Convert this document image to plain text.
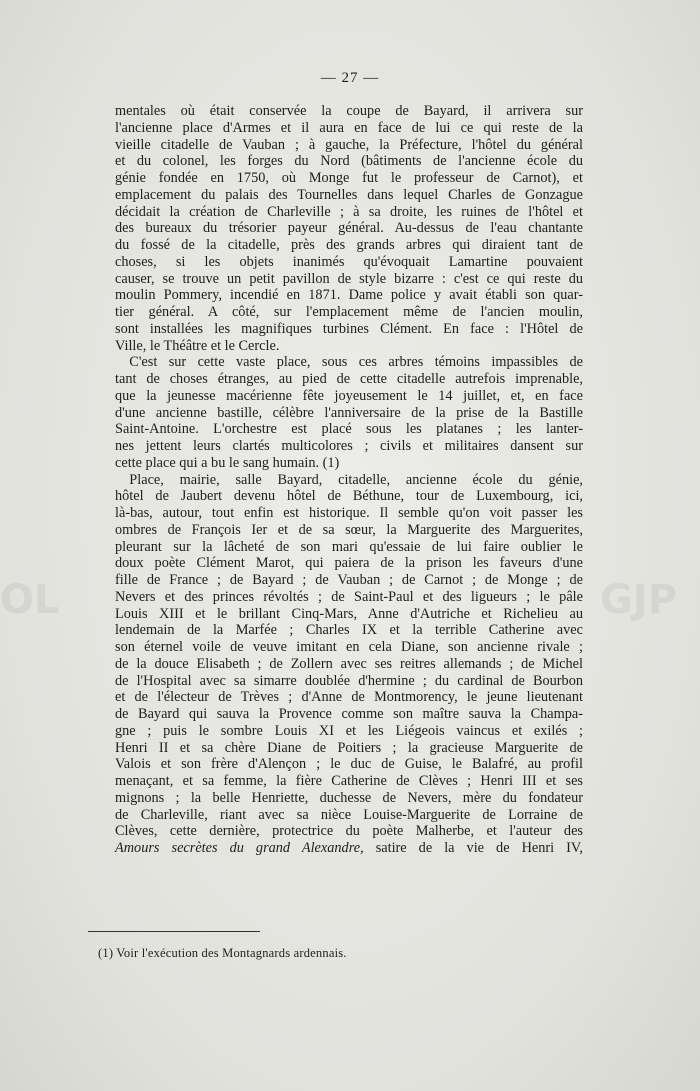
— 27 —
OL	GJP
mentales où était conservée la coupe de Bayard, il arrivera sur
l'ancienne place d'Armes et il aura en face de lui ce qui reste de la
vieille citadelle de Vauban ; à gauche, la Préfecture, l'hôtel du général
et du colonel, les forges du Nord (bâtiments de l'ancienne école du
génie fondée en 1750, où Monge fut le professeur de Carnot), et
emplacement du palais des Tournelles dans lequel Charles de Gonzague
décidait la création de Charleville ; à sa droite, les ruines de l'hôtel et
des bureaux du trésorier payeur général. Au-dessus de l'eau chantante
du fossé de la citadelle, près des grands arbres qui diraient tant de
choses, si les objets inanimés qu'évoquait Lamartine pouvaient
causer, se trouve un petit pavillon de style bizarre : c'est ce qui reste du
moulin Pommery, incendié en 1871. Dame police y avait établi son quar-
tier général. A côté, sur l'emplacement même de l'ancien moulin,
sont installées les magnifiques turbines Clément. En face : l'Hôtel de
Ville, le Théâtre et le Cercle.
 C'est sur cette vaste place, sous ces arbres témoins impassibles de
tant de choses étranges, au pied de cette citadelle autrefois imprenable,
que la jeunesse macérienne fête joyeusement le 14 juillet, et, en face
d'une ancienne bastille, célèbre l'anniversaire de la prise de la Bastille
Saint-Antoine. L'orchestre est placé sous les platanes ; les lanter-
nes jettent leurs clartés multicolores ; civils et militaires dansent sur
cette place qui a bu le sang humain. (1)
 Place, mairie, salle Bayard, citadelle, ancienne école du génie,
hôtel de Jaubert devenu hôtel de Béthune, tour de Luxembourg, ici,
là-bas, autour, tout enfin est historique. Il semble qu'on voit passer les
ombres de François Ier et de sa sœur, la Marguerite des Marguerites,
pleurant sur la lâcheté de son mari qu'essaie de lui faire oublier le
doux poète Clément Marot, qui paiera de la prison les faveurs d'une
fille de France ; de Bayard ; de Vauban ; de Carnot ; de Monge ; de
Nevers et des princes révoltés ; de Saint-Paul et des ligueurs ; le pâle
Louis XIII et le brillant Cinq-Mars, Anne d'Autriche et Richelieu au
lendemain de la Marfée ; Charles IX et la terrible Catherine avec
son éternel voile de veuve imitant en cela Diane, son ancienne rivale ;
de la douce Elisabeth ; de Zollern avec ses reitres allemands ; de Michel
de l'Hospital avec sa simarre doublée d'hermine ; du cardinal de Bourbon
et de l'électeur de Trèves ; d'Anne de Montmorency, le jeune lieutenant
de Bayard qui sauva la Provence comme son maître sauva la Champa-
gne ; puis le sombre Louis XI et les Liégeois vaincus et exilés ;
Henri II et sa chère Diane de Poitiers ; la gracieuse Marguerite de
Valois et son frère d'Alençon ; le duc de Guise, le Balafré, au profil
menaçant, et sa femme, la fière Catherine de Clèves ; Henri III et ses
mignons ; la belle Henriette, duchesse de Nevers, mère du fondateur
de Charleville, riant avec sa nièce Louise-Marguerite de Lorraine de
Clèves, cette dernière, protectrice du poète Malherbe, et l'auteur des
Amours secrètes du grand Alexandre, satire de la vie de Henri IV,
(1) Voir l'exécution des Montagnards ardennais.
